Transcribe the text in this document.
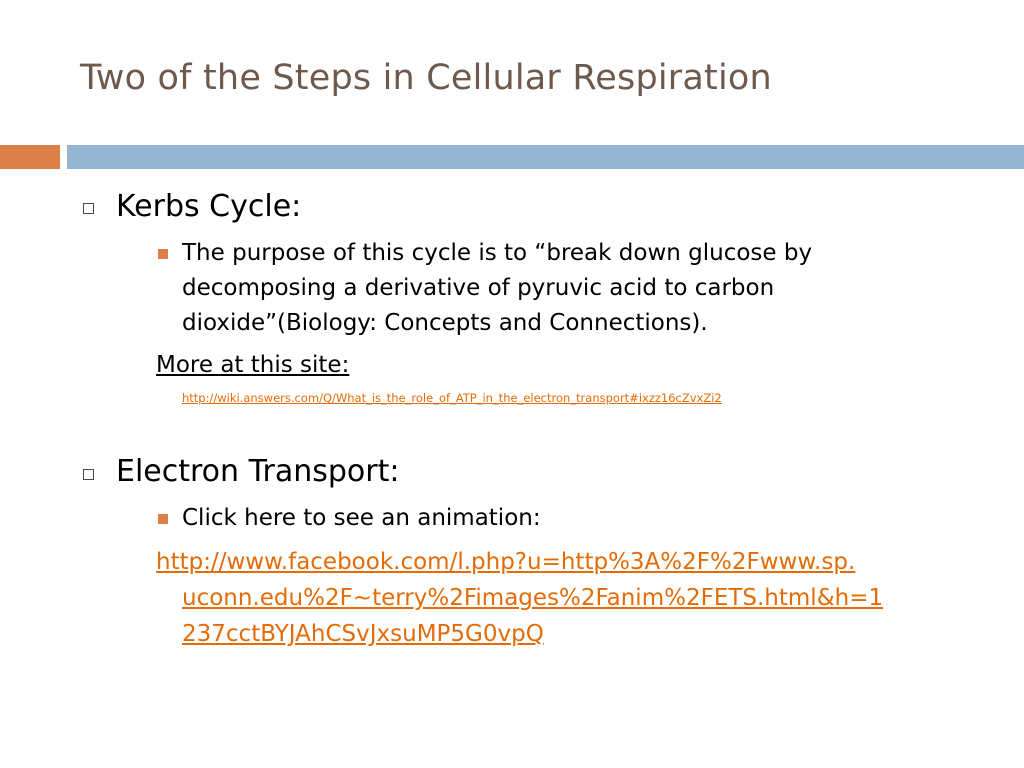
Two of the Steps in Cellular Respiration
Kerbs Cycle:
The purpose of this cycle is to “break down glucose by
decomposing a derivative of pyruvic acid to carbon
dioxide”(Biology: Concepts and Connections).
More at this site:
http://wiki.answers.com/Q/What_is_the_role_of_ATP_in_the_electron_transport#ixzz16cZvxZi2
Electron Transport:
Click here to see an animation:
http://www.facebook.com/l.php?u=http%3A%2F%2Fwww.sp.
uconn.edu%2F~terry%2Fimages%2Fanim%2FETS.html&h=1
237cctBYJAhCSvJxsuMP5G0vpQ
